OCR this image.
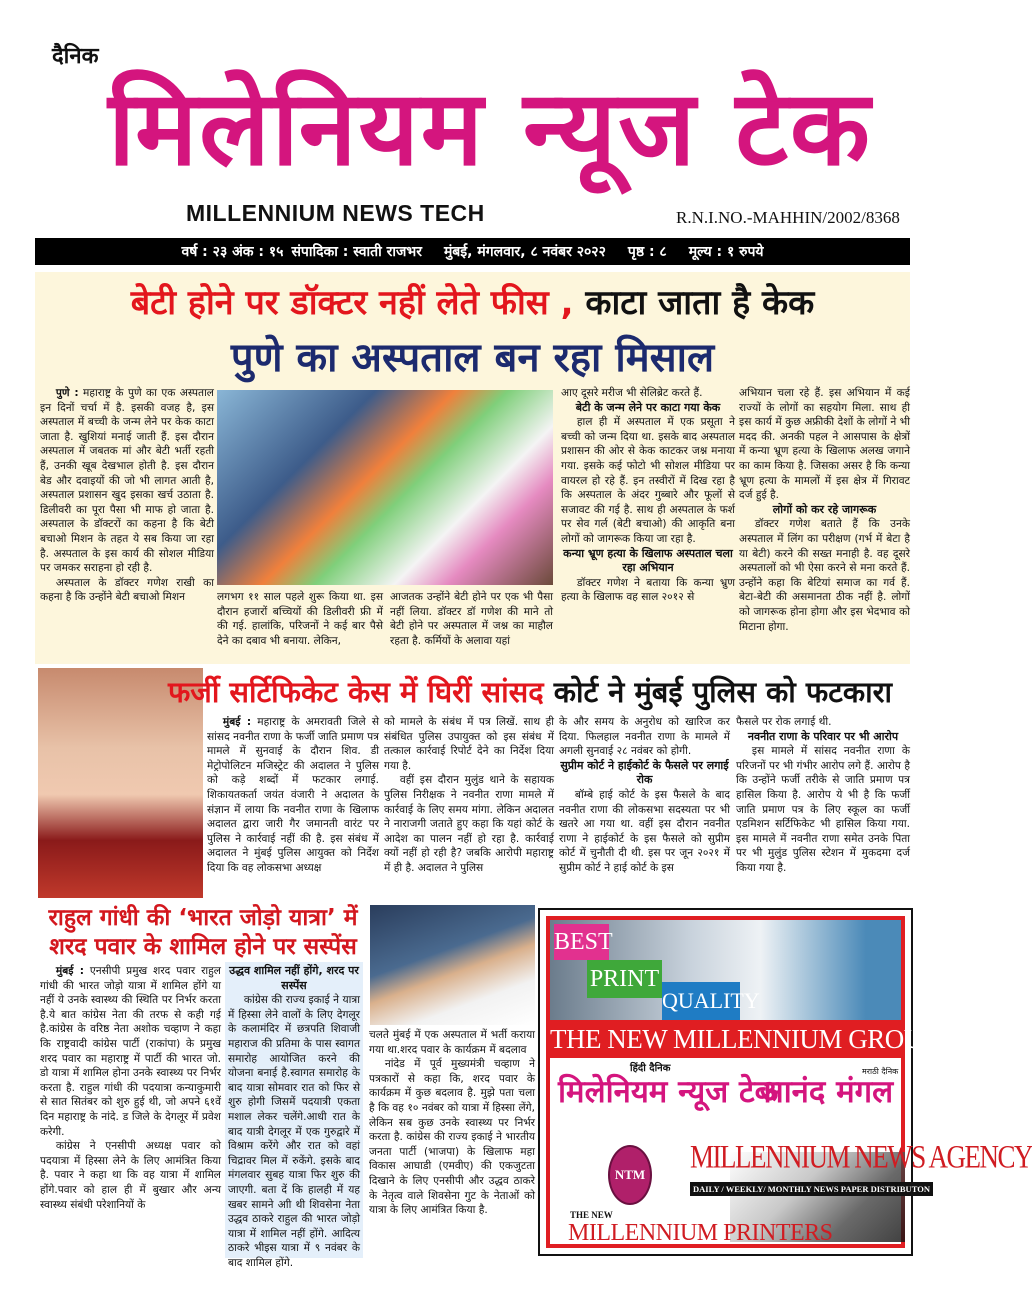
दैनिक
मिलेनियम न्यूज टेक
MILLENNIUM NEWS TECH	R.N.I.NO.-MAHHIN/2002/8368
वर्ष : २३ अंक : १५ संपादिका : स्वाती राजभर मुंबई, मंगलवार, ८ नवंबर २०२२ पृष्ठ : ८ मूल्य : १ रुपये
बेटी होने पर डॉक्टर नहीं लेते फीस , काटा जाता है केक
पुणे का अस्पताल बन रहा मिसाल

पुणे : महाराष्ट्र के पुणे का एक अस्पताल इन दिनों चर्चा में है. इसकी वजह है, इस अस्पताल में बच्ची के जन्म लेने पर केक काटा जाता है. खुशियां मनाई जाती हैं. इस दौरान अस्पताल में जबतक मां और बेटी भर्ती रहती हैं, उनकी खूब देखभाल होती है. इस दौरान बेड और दवाइयों की जो भी लागत आती है, अस्पताल प्रशासन खुद इसका खर्च उठाता है. डिलीवरी का पूरा पैसा भी माफ हो जाता है. अस्पताल के डॉक्टरों का कहना है कि बेटी बचाओ मिशन के तहत ये सब किया जा रहा है. अस्पताल के इस कार्य की सोशल मीडिया पर जमकर सराहना हो रही है.

अस्पताल के डॉक्टर गणेश राखी का कहना है कि उन्होंने बेटी बचाओ मिशन	लगभग ११ साल पहले शुरू किया था. इस दौरान हजारों बच्चियों की डिलीवरी फ्री में की गई. हालांकि, परिजनों ने कई बार पैसे देने का दबाव भी बनाया. लेकिन,
आजतक उन्होंने बेटी होने पर एक भी पैसा नहीं लिया. डॉक्टर डॉ गणेश की माने तो बेटी होने पर अस्पताल में जश्न का माहौल रहता है. कर्मियों के अलावा यहां
आए दूसरे मरीज भी सेलिब्रेट करते हैं.

बेटी के जन्म लेने पर काटा गया केक

हाल ही में अस्पताल में एक प्रसूता ने बच्ची को जन्म दिया था. इसके बाद अस्पताल प्रशासन की ओर से केक काटकर जश्न मनाया गया. इसके कई फोटो भी सोशल मीडिया पर वायरल हो रहे हैं. इन तस्वीरों में दिख रहा है कि अस्पताल के अंदर गुब्बारे और फूलों से सजावट की गई है. साथ ही अस्पताल के फर्श पर सेव गर्ल (बेटी बचाओ) की आकृति बना लोगों को जागरूक किया जा रहा है.

कन्या भ्रूण हत्या के खिलाफ अस्पताल चला रहा अभियान

डॉक्टर गणेश ने बताया कि कन्या भ्रुण हत्या के खिलाफ वह साल २०१२ से

अभियान चला रहे हैं. इस अभियान में कई राज्यों के लोगों का सहयोग मिला. साथ ही इस कार्य में कुछ अफ्रीकी देशों के लोगों ने भी मदद की. अनकी पहल ने आसपास के क्षेत्रों में कन्या भ्रूण हत्या के खिलाफ अलख जगाने का काम किया है. जिसका असर है कि कन्या भ्रूण हत्या के मामलों में इस क्षेत्र में गिरावट दर्ज हुई है.

लोगों को कर रहे जागरूक

डॉक्टर गणेश बताते हैं कि उनके अस्पताल में लिंग का परीक्षण (गर्भ में बेटा है या बेटी) करने की सख्त मनाही है. वह दूसरे अस्पतालों को भी ऐसा करने से मना करते हैं. उन्होंने कहा कि बेटियां समाज का गर्व हैं. बेटा-बेटी की असमानता ठीक नहीं है. लोगों को जागरूक होना होगा और इस भेदभाव को मिटाना होगा.

फर्जी सर्टिफिकेट केस में घिरीं सांसद कोर्ट ने मुंबई पुलिस को फटकारा

मुंबई : महाराष्ट्र के अमरावती जिले से सांसद नवनीत राणा के फर्जी जाति प्रमाण पत्र मामले में सुनवाई के दौरान शिव. डी मेट्रोपोलिटन मजिस्ट्रेट की अदालत ने पुलिस को कड़े शब्दों में फटकार लगाई. शिकायतकर्ता जयंत वंजारी ने अदालत के संज्ञान में लाया कि नवनीत राणा के खिलाफ अदालत द्वारा जारी गैर जमानती वारंट पर पुलिस ने कार्रवाई नहीं की है. इस संबंध में अदालत ने मुंबई पुलिस आयुक्त को निर्देश दिया कि वह लोकसभा अध्यक्ष

को मामले के संबंध में पत्र लिखें. साथ ही संबंधित पुलिस उपायुक्त को इस संबंध में तत्काल कार्रवाई रिपोर्ट देने का निर्देश दिया गया है.

वहीं इस दौरान मुलुंड थाने के सहायक पुलिस निरीक्षक ने नवनीत राणा मामले में कार्रवाई के लिए समय मांगा. लेकिन अदालत ने नाराजगी जताते हुए कहा कि यहां कोर्ट के आदेश का पालन नहीं हो रहा है. कार्रवाई क्यों नहीं हो रही है? जबकि आरोपी महाराष्ट्र में ही है. अदालत ने पुलिस

के और समय के अनुरोध को खारिज कर दिया. फिलहाल नवनीत राणा के मामले में अगली सुनवाई २८ नवंबर को होगी.

सुप्रीम कोर्ट ने हाईकोर्ट के फैसले पर लगाई रोक

बॉम्बे हाई कोर्ट के इस फैसले के बाद नवनीत राणा की लोकसभा सदस्यता पर भी खतरे आ गया था. वहीं इस दौरान नवनीत राणा ने हाईकोर्ट के इस फैसले को सुप्रीम कोर्ट में चुनौती दी थी. इस पर जून २०२१ में सुप्रीम कोर्ट ने हाई कोर्ट के इस

फैसले पर रोक लगाई थी.

नवनीत राणा के परिवार पर भी आरोप

इस मामले में सांसद नवनीत राणा के परिजनों पर भी गंभीर आरोप लगे हैं. आरोप है कि उन्होंने फर्जी तरीके से जाति प्रमाण पत्र हासिल किया है. आरोप ये भी है कि फर्जी जाति प्रमाण पत्र के लिए स्कूल का फर्जी एडमिशन सर्टिफिकेट भी हासिल किया गया. इस मामले में नवनीत राणा समेत उनके पिता पर भी मुलुंड पुलिस स्टेशन में मुकदमा दर्ज किया गया है.

राहुल गांधी की ‘भारत जोड़ो यात्रा’ में शरद पवार के शामिल होने पर सस्पेंस

मुंबई : एनसीपी प्रमुख शरद पवार राहुल गांधी की भारत जोड़ो यात्रा में शामिल होंगे या नहीं ये उनके स्वास्थ्य की स्थिति पर निर्भर करता है.ये बात कांग्रेस नेता की तरफ से कही गई है.कांग्रेस के वरिष्ठ नेता अशोक चव्हाण ने कहा कि राष्ट्रवादी कांग्रेस पार्टी (राकांपा) के प्रमुख शरद पवार का महाराष्ट्र में पार्टी की भारत जो. डो यात्रा में शामिल होना उनके स्वास्थ्य पर निर्भर करता है. राहुल गांधी की पदयात्रा कन्याकुमारी से सात सितंबर को शुरु हुई थी, जो अपने ६१वें दिन महाराष्ट्र के नांदे. ड जिले के देगलूर में प्रवेश करेगी.

कांग्रेस ने एनसीपी अध्यक्ष पवार को पदयात्रा में हिस्सा लेने के लिए आमंत्रित किया है. पवार ने कहा था कि वह यात्रा में शामिल होंगे.पवार को हाल ही में बुखार और अन्य स्वास्थ्य संबंधी परेशानियों के

उद्धव शामिल नहीं होंगे, शरद पर सस्पेंस

कांग्रेस की राज्य इकाई ने यात्रा में हिस्सा लेने वालों के लिए देगलूर के कलामंदिर में छत्रपति शिवाजी महाराज की प्रतिमा के पास स्वागत समारोह आयोजित करने की योजना बनाई है.स्वागत समारोह के बाद यात्रा सोमवार रात को फिर से शुरु होगी जिसमें पदयात्री एकता मशाल लेकर चलेंगे.आधी रात के बाद यात्री देगलूर में एक गुरुद्वारे में विश्राम करेंगे और रात को वहां चिद्रावर मिल में रुकेंगे. इसके बाद मंगलवार सुबह यात्रा फिर शुरु की जाएगी. बता दें कि हालही में यह खबर सामने आी थी शिवसेना नेता उद्धव ठाकरे राहुल की भारत जोड़ो यात्रा में शामिल नहीं होंगे. आदित्य ठाकरे भीइस यात्रा में ९ नवंबर के बाद शामिल होंगे.

चलते मुंबई में एक अस्पताल में भर्ती कराया गया था.शरद पवार के कार्यक्रम में बदलाव

नांदेड में पूर्व मुख्यमंत्री चव्हाण ने पत्रकारों से कहा कि, शरद पवार के कार्यक्रम में कुछ बदलाव है. मुझे पता चला है कि वह १० नवंबर को यात्रा में हिस्सा लेंगे, लेकिन सब कुछ उनके स्वास्थ्य पर निर्भर करता है. कांग्रेस की राज्य इकाई ने भारतीय जनता पार्टी (भाजपा) के खिलाफ महा विकास आघाडी (एमवीए) की एकजुटता दिखाने के लिए एनसीपी और उद्धव ठाकरे के नेतृत्व वाले शिवसेना गुट के नेताओं को यात्रा के लिए आमंत्रित किया है.

BEST
PRINT
QUALITY
THE NEW MILLENNIUM GROUP
हिंदी दैनिक
मिलेनियम न्यूज टेक
मराठी दैनिक
आनंद मंगल
NTM MILLENNIUM NEWS AGENCY
DAILY / WEEKLY/ MONTHLY NEWS PAPER DISTRIBUTON
THE NEW
MILLENNIUM PRINTERS
